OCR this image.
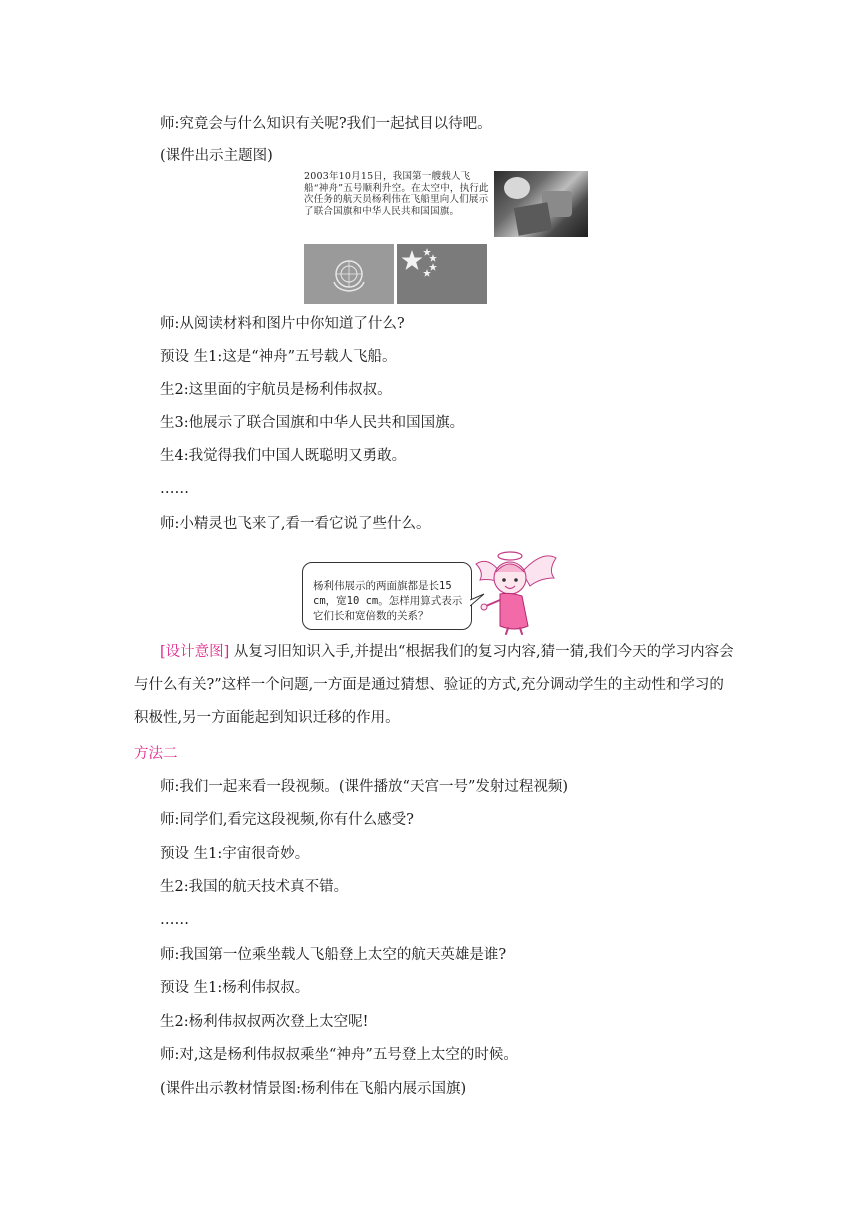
师:究竟会与什么知识有关呢?我们一起拭目以待吧。
(课件出示主题图)
2003年10月15日，我国第一艘载人飞船“神舟”五号顺利升空。在太空中，执行此次任务的航天员杨利伟在飞船里向人们展示了联合国旗和中华人民共和国国旗。
师:从阅读材料和图片中你知道了什么?
预设 生1:这是“神舟”五号载人飞船。
生2:这里面的宇航员是杨利伟叔叔。
生3:他展示了联合国旗和中华人民共和国国旗。
生4:我觉得我们中国人既聪明又勇敢。
……
师:小精灵也飞来了,看一看它说了些什么。
杨利伟展示的两面旗都是长15 cm，宽10 cm。怎样用算式表示它们长和宽倍数的关系？
[设计意图] 从复习旧知识入手,并提出“根据我们的复习内容,猜一猜,我们今天的学习内容会与什么有关?”这样一个问题,一方面是通过猜想、验证的方式,充分调动学生的主动性和学习的积极性,另一方面能起到知识迁移的作用。
方法二
师:我们一起来看一段视频。(课件播放“天宫一号”发射过程视频)
师:同学们,看完这段视频,你有什么感受?
预设 生1:宇宙很奇妙。
生2:我国的航天技术真不错。
……
师:我国第一位乘坐载人飞船登上太空的航天英雄是谁?
预设 生1:杨利伟叔叔。
生2:杨利伟叔叔两次登上太空呢!
师:对,这是杨利伟叔叔乘坐“神舟”五号登上太空的时候。
(课件出示教材情景图:杨利伟在飞船内展示国旗)
